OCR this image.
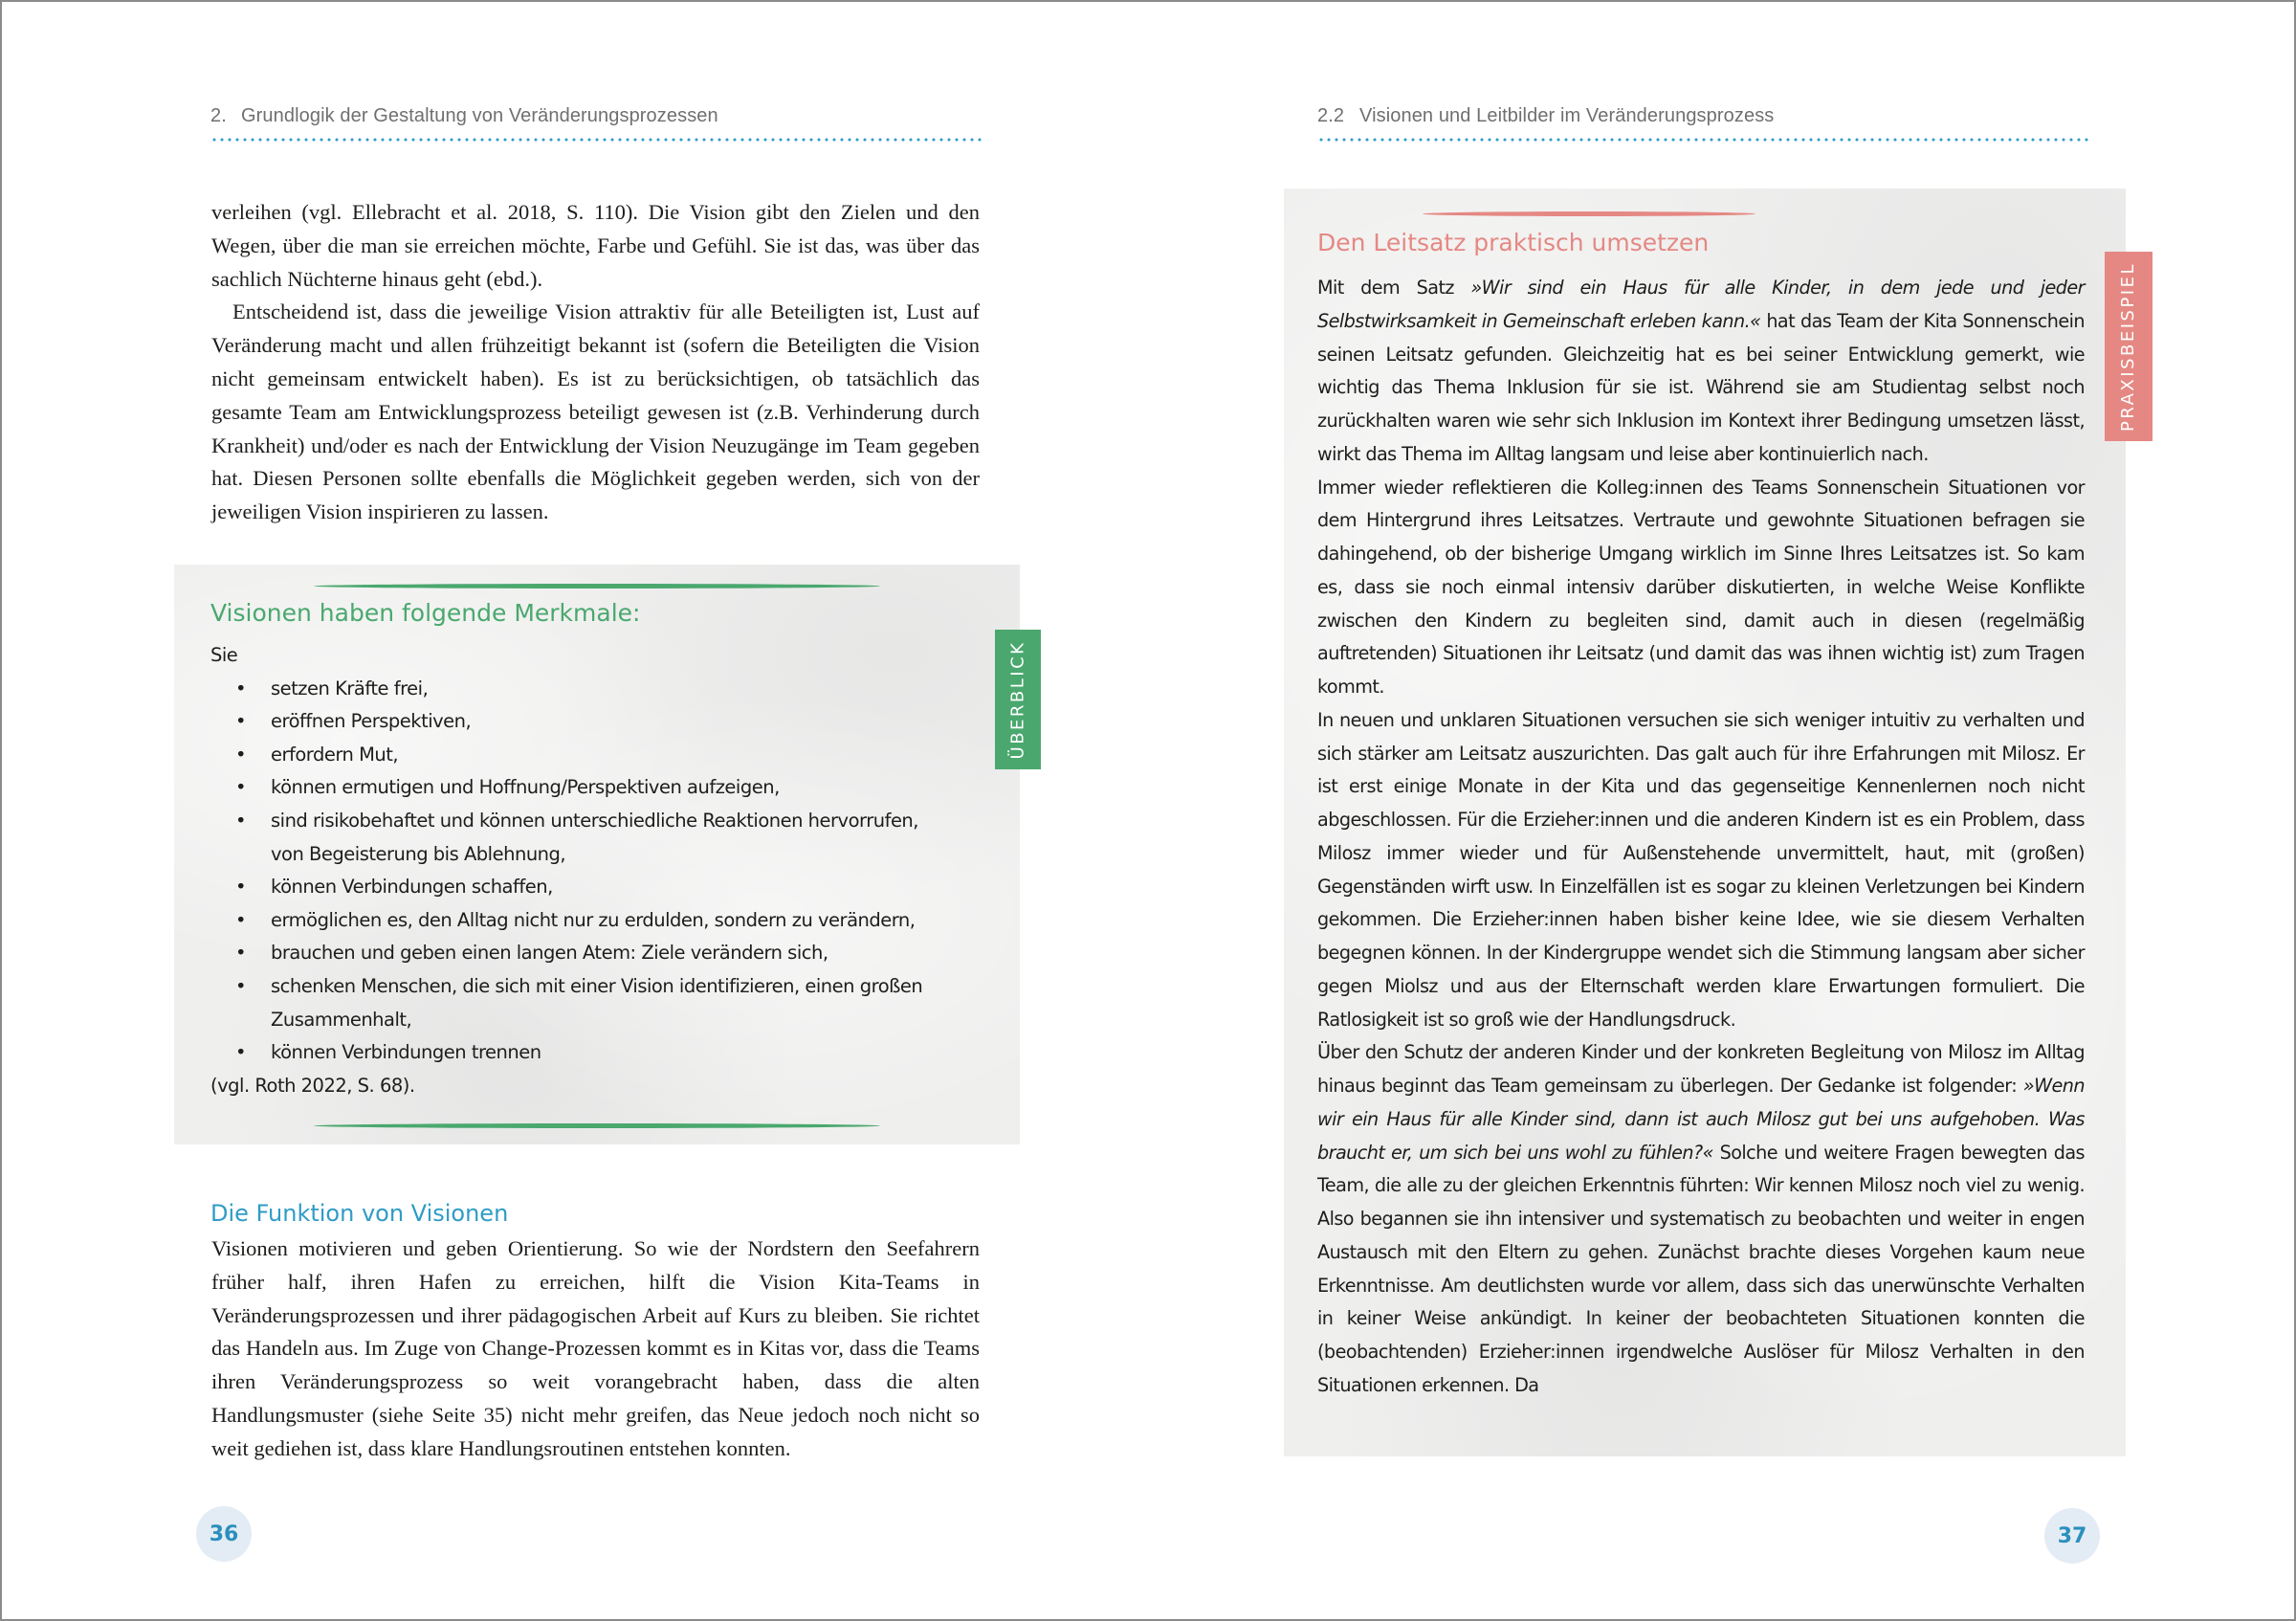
2. Grundlogik der Gestaltung von Veränderungsprozessen

verleihen (vgl. Ellebracht et al. 2018, S. 110). Die Vision gibt den Zielen und den Wegen, über die man sie erreichen möchte, Farbe und Gefühl. Sie ist das, was über das sachlich Nüchterne hinaus geht (ebd.).

Entscheidend ist, dass die jeweilige Vision attraktiv für alle Beteiligten ist, Lust auf Veränderung macht und allen frühzeitigt bekannt ist (sofern die Beteiligten die Vision nicht gemeinsam entwickelt haben). Es ist zu berücksichtigen, ob tatsächlich das gesamte Team am Entwicklungsprozess beteiligt gewesen ist (z.B. Verhinderung durch Krankheit) und/oder es nach der Entwicklung der Vision Neuzugänge im Team gegeben hat. Diesen Personen sollte ebenfalls die Möglichkeit gegeben werden, sich von der jeweiligen Vision inspirieren zu lassen.

Visionen haben folgende Merkmale:
Sie
• setzen Kräfte frei,
• eröffnen Perspektiven,
• erfordern Mut,
• können ermutigen und Hoffnung/Perspektiven aufzeigen,
• sind risikobehaftet und können unterschiedliche Reaktionen hervorrufen, von Begeisterung bis Ablehnung,
• können Verbindungen schaffen,
• ermöglichen es, den Alltag nicht nur zu erdulden, sondern zu verändern,
• brauchen und geben einen langen Atem: Ziele verändern sich,
• schenken Menschen, die sich mit einer Vision identifizieren, einen großen Zusammenhalt,
• können Verbindungen trennen
(vgl. Roth 2022, S. 68).
ÜBERBLICK
Die Funktion von Visionen

Visionen motivieren und geben Orientierung. So wie der Nordstern den Seefahrern früher half, ihren Hafen zu erreichen, hilft die Vision Kita-Teams in Veränderungsprozessen und ihrer pädagogischen Arbeit auf Kurs zu bleiben. Sie richtet das Handeln aus. Im Zuge von Change-Prozessen kommt es in Kitas vor, dass die Teams ihren Veränderungsprozess so weit vorangebracht haben, dass die alten Handlungsmuster (siehe Seite 35) nicht mehr greifen, das Neue jedoch noch nicht so weit gediehen ist, dass klare Handlungsroutinen entstehen konnten.

36
2.2 Visionen und Leitbilder im Veränderungsprozess
Den Leitsatz praktisch umsetzen

Mit dem Satz »Wir sind ein Haus für alle Kinder, in dem jede und jeder Selbstwirksamkeit in Gemeinschaft erleben kann.« hat das Team der Kita Sonnenschein seinen Leitsatz gefunden. Gleichzeitig hat es bei seiner Entwicklung gemerkt, wie wichtig das Thema Inklusion für sie ist. Während sie am Studientag selbst noch zurückhalten waren wie sehr sich Inklusion im Kontext ihrer Bedingung umsetzen lässt, wirkt das Thema im Alltag langsam und leise aber kontinuierlich nach.

Immer wieder reflektieren die Kolleg:innen des Teams Sonnenschein Situationen vor dem Hintergrund ihres Leitsatzes. Vertraute und gewohnte Situationen befragen sie dahingehend, ob der bisherige Umgang wirklich im Sinne Ihres Leitsatzes ist. So kam es, dass sie noch einmal intensiv darüber diskutierten, in welche Weise Konflikte zwischen den Kindern zu begleiten sind, damit auch in diesen (regelmäßig auftretenden) Situationen ihr Leitsatz (und damit das was ihnen wichtig ist) zum Tragen kommt.

In neuen und unklaren Situationen versuchen sie sich weniger intuitiv zu verhalten und sich stärker am Leitsatz auszurichten. Das galt auch für ihre Erfahrungen mit Milosz. Er ist erst einige Monate in der Kita und das gegenseitige Kennenlernen noch nicht abgeschlossen. Für die Erzieher:innen und die anderen Kindern ist es ein Problem, dass Milosz immer wieder und für Außenstehende unvermittelt, haut, mit (großen) Gegenständen wirft usw. In Einzelfällen ist es sogar zu kleinen Verletzungen bei Kindern gekommen. Die Erzieher:innen haben bisher keine Idee, wie sie diesem Verhalten begegnen können. In der Kindergruppe wendet sich die Stimmung langsam aber sicher gegen Miolsz und aus der Elternschaft werden klare Erwartungen formuliert. Die Ratlosigkeit ist so groß wie der Handlungsdruck.

Über den Schutz der anderen Kinder und der konkreten Begleitung von Milosz im Alltag hinaus beginnt das Team gemeinsam zu überlegen. Der Gedanke ist folgender: »Wenn wir ein Haus für alle Kinder sind, dann ist auch Milosz gut bei uns aufgehoben. Was braucht er, um sich bei uns wohl zu fühlen?« Solche und weitere Fragen bewegten das Team, die alle zu der gleichen Erkenntnis führten: Wir kennen Milosz noch viel zu wenig. Also begannen sie ihn intensiver und systematisch zu beobachten und weiter in engen Austausch mit den Eltern zu gehen. Zunächst brachte dieses Vorgehen kaum neue Erkenntnisse. Am deutlichsten wurde vor allem, dass sich das unerwünschte Verhalten in keiner Weise ankündigt. In keiner der beobachteten Situationen konnten die (beobachtenden) Erzieher:innen irgendwelche Auslöser für Milosz Verhalten in den Situationen erkennen. Da

PRAXISBEISPIEL
37
